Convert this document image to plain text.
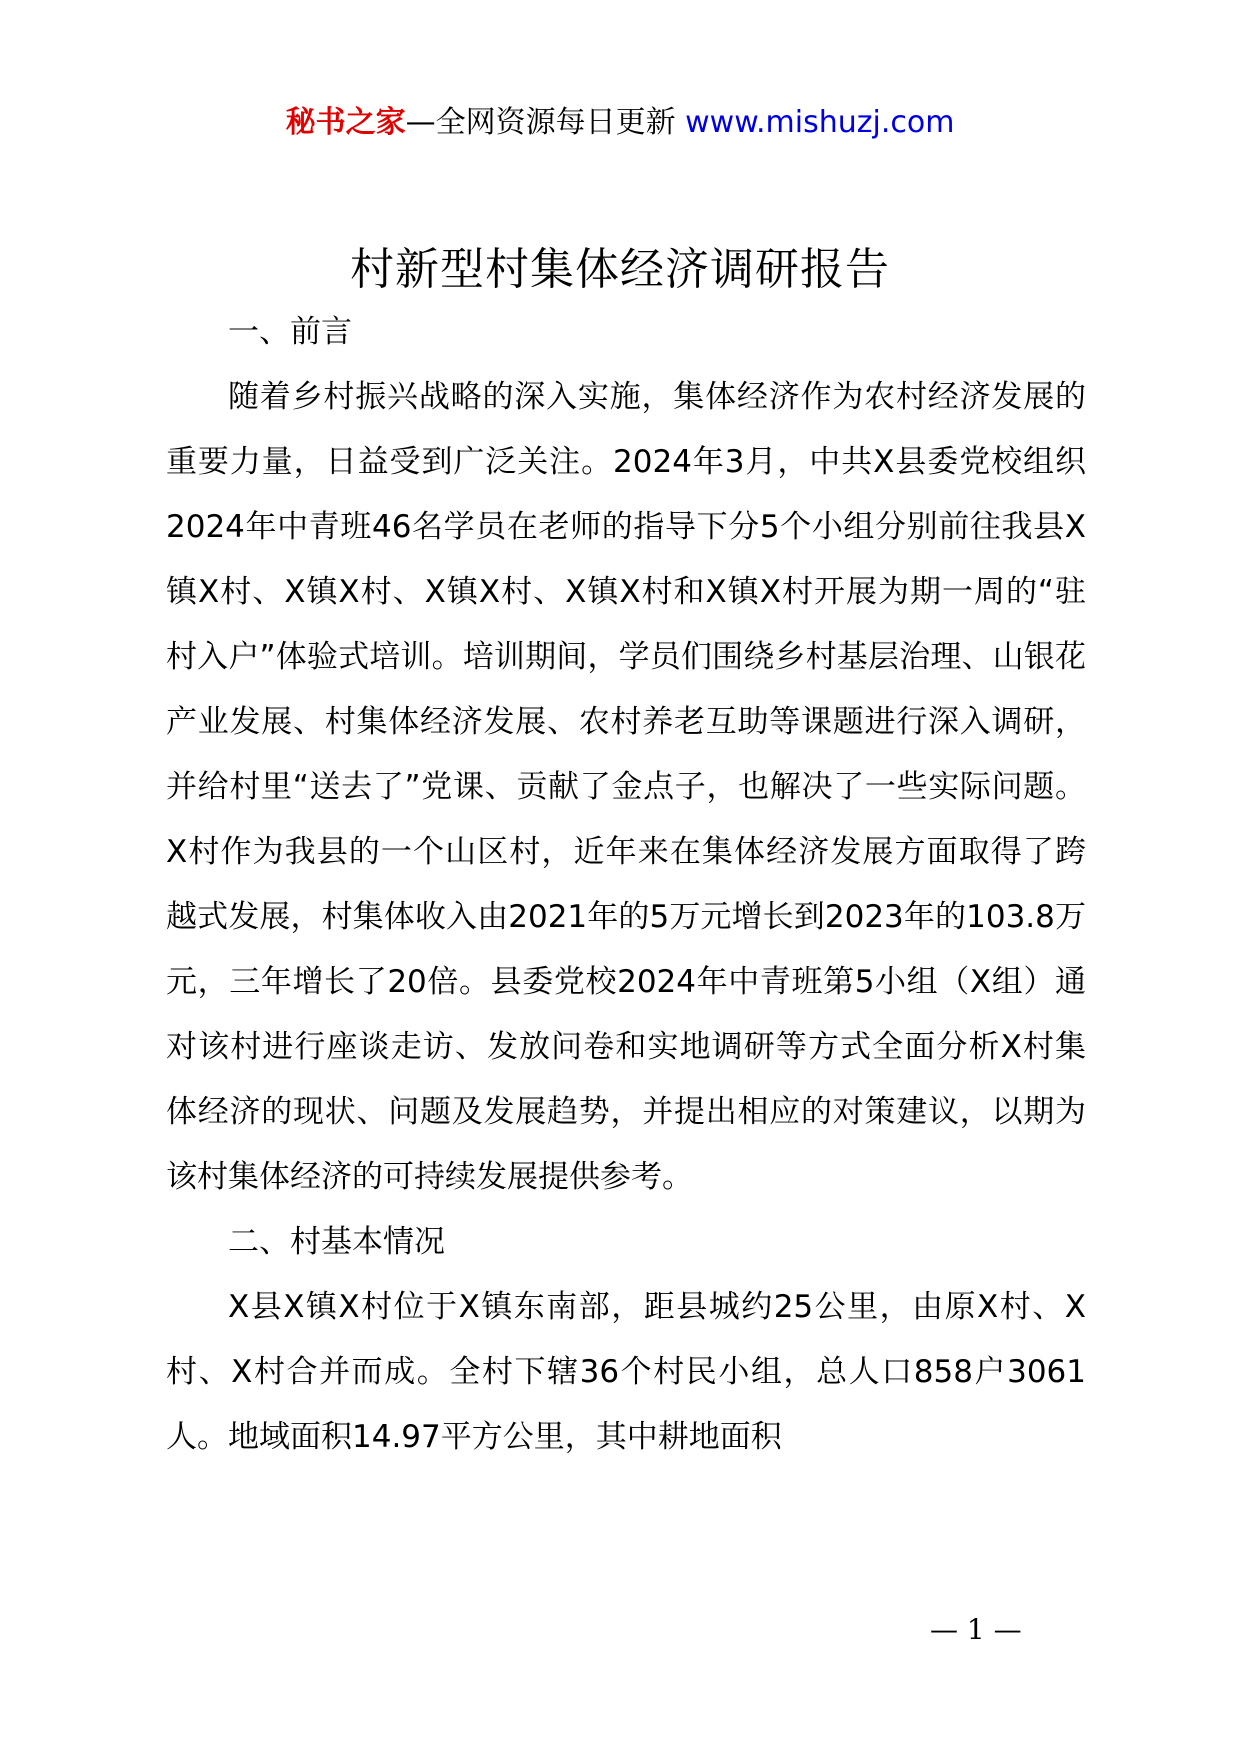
秘书之家—全网资源每日更新 www.mishuzj.com
村新型村集体经济调研报告

一、前言

随着乡村振兴战略的深入实施，集体经济作为农村经济发展的重要力量，日益受到广泛关注。2024年3月，中共X县委党校组织2024年中青班46名学员在老师的指导下分5个小组分别前往我县X镇X村、X镇X村、X镇X村、X镇X村和X镇X村开展为期一周的“驻村入户”体验式培训。培训期间，学员们围绕乡村基层治理、山银花产业发展、村集体经济发展、农村养老互助等课题进行深入调研，并给村里“送去了”党课、贡献了金点子，也解决了一些实际问题。X村作为我县的一个山区村，近年来在集体经济发展方面取得了跨越式发展，村集体收入由2021年的5万元增长到2023年的103.8万元，三年增长了20倍。县委党校2024年中青班第5小组（X组）通对该村进行座谈走访、发放问卷和实地调研等方式全面分析X村集体经济的现状、问题及发展趋势，并提出相应的对策建议，以期为该村集体经济的可持续发展提供参考。

二、村基本情况

X县X镇X村位于X镇东南部，距县城约25公里，由原X村、X村、X村合并而成。全村下辖36个村民小组，总人口858户3061人。地域面积14.97平方公里，其中耕地面积

— 1 —
